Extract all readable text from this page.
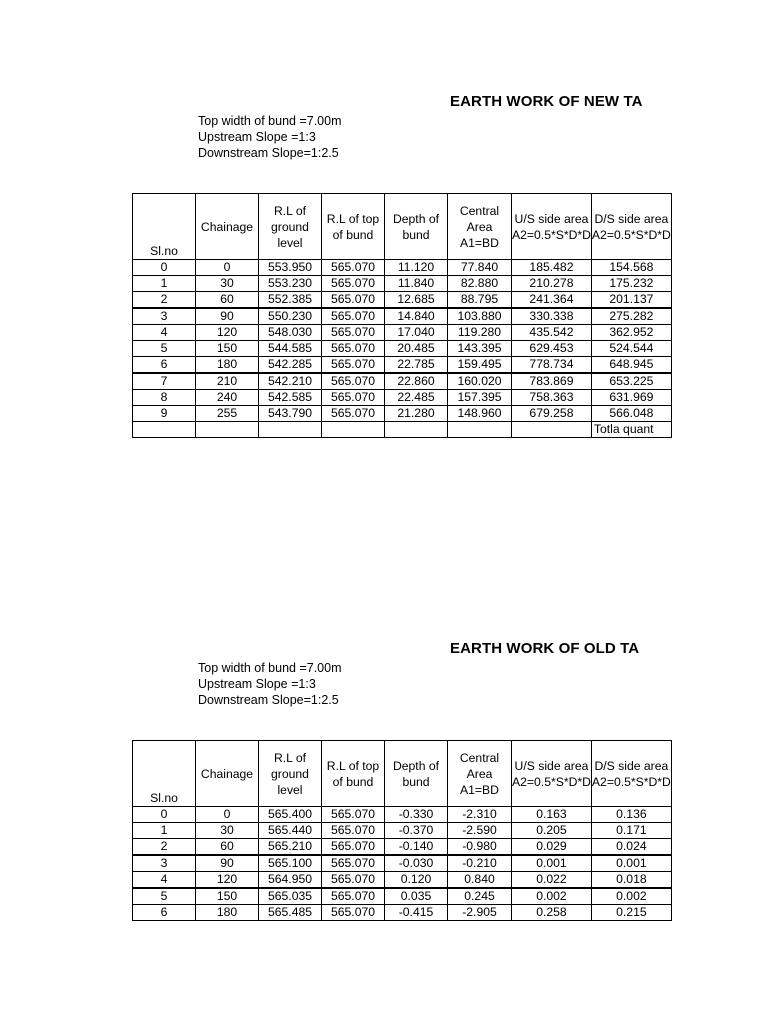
EARTH WORK OF NEW TA
Top width of bund =7.00m
Upstream Slope =1:3
Downstream Slope=1:2.5
Sl.no	Chainage	R.L of ground level	R.L of top of bund	Depth of bund	Central Area A1=BD	U/S side area A2=0.5*S*D*D	D/S side area A2=0.5*S*D*D
0	0	553.950	565.070	11.120	77.840	185.482	154.568
1	30	553.230	565.070	11.840	82.880	210.278	175.232
2	60	552.385	565.070	12.685	88.795	241.364	201.137
3	90	550.230	565.070	14.840	103.880	330.338	275.282
4	120	548.030	565.070	17.040	119.280	435.542	362.952
5	150	544.585	565.070	20.485	143.395	629.453	524.544
6	180	542.285	565.070	22.785	159.495	778.734	648.945
7	210	542.210	565.070	22.860	160.020	783.869	653.225
8	240	542.585	565.070	22.485	157.395	758.363	631.969
9	255	543.790	565.070	21.280	148.960	679.258	566.048
							Totla quant
EARTH WORK OF OLD TA
Top width of bund =7.00m
Upstream Slope =1:3
Downstream Slope=1:2.5
Sl.no	Chainage	R.L of ground level	R.L of top of bund	Depth of bund	Central Area A1=BD	U/S side area A2=0.5*S*D*D	D/S side area A2=0.5*S*D*D
0	0	565.400	565.070	-0.330	-2.310	0.163	0.136
1	30	565.440	565.070	-0.370	-2.590	0.205	0.171
2	60	565.210	565.070	-0.140	-0.980	0.029	0.024
3	90	565.100	565.070	-0.030	-0.210	0.001	0.001
4	120	564.950	565.070	0.120	0.840	0.022	0.018
5	150	565.035	565.070	0.035	0.245	0.002	0.002
6	180	565.485	565.070	-0.415	-2.905	0.258	0.215
